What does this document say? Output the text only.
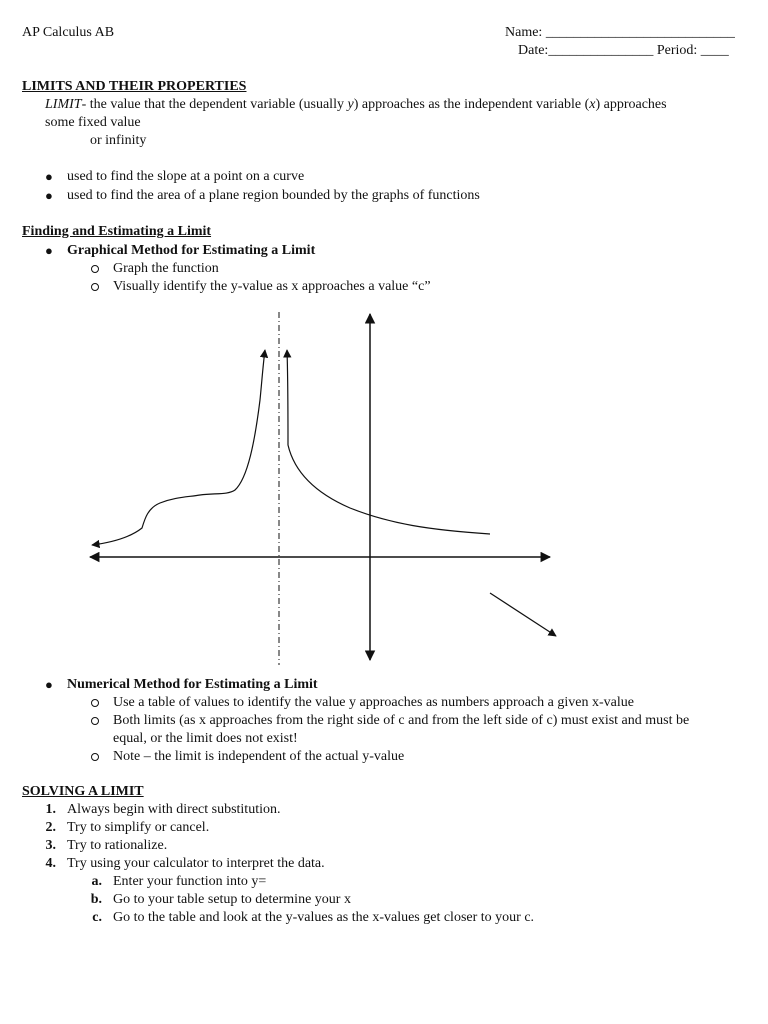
AP Calculus AB	Name: ___________________________
Date:_______________ Period: ____
LIMITS AND THEIR PROPERTIES
LIMIT- the value that the dependent variable (usually y) approaches as the independent variable (x) approaches
some fixed value
or infinity
● used to find the slope at a point on a curve
● used to find the area of a plane region bounded by the graphs of functions
Finding and Estimating a Limit
● Graphical Method for Estimating a Limit
Graph the function
Visually identify the y-value as x approaches a value “c”
● Numerical Method for Estimating a Limit
Use a table of values to identify the value y approaches as numbers approach a given x-value
Both limits (as x approaches from the right side of c and from the left side of c) must exist and must be
equal, or the limit does not exist!
Note – the limit is independent of the actual y-value
SOLVING A LIMIT
1. Always begin with direct substitution.
2. Try to simplify or cancel.
3. Try to rationalize.
4. Try using your calculator to interpret the data.
a. Enter your function into y=
b. Go to your table setup to determine your x
c. Go to the table and look at the y-values as the x-values get closer to your c.
